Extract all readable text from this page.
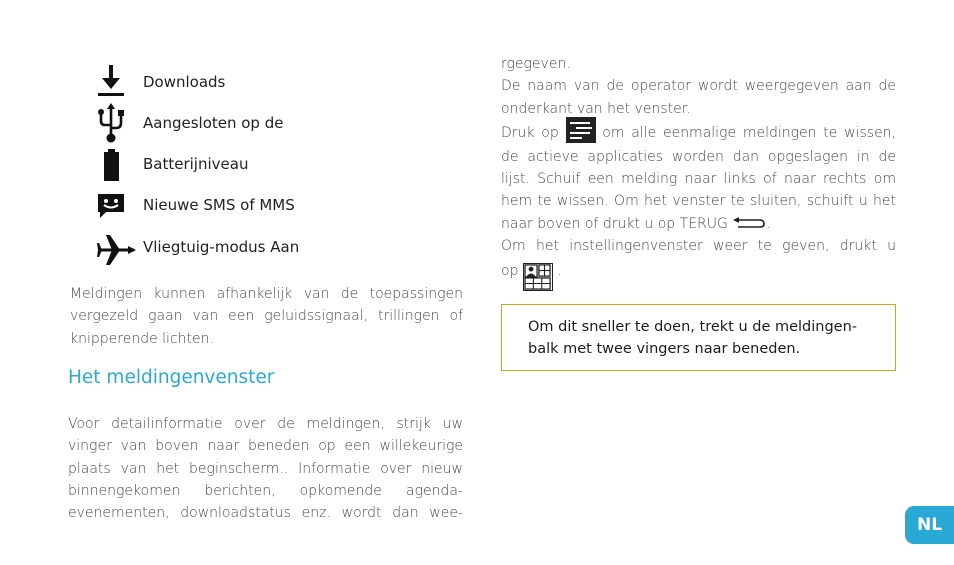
Downloads
Aangesloten op de
Batterijniveau
Nieuwe SMS of MMS
Vliegtuig-modus Aan
Meldingen kunnen afhankelijk van de toepassingen
vergezeld gaan van een geluidssignaal, trillingen of
knipperende lichten.
Het meldingenvenster
Voor detailinformatie over de meldingen, strijk uw
vinger van boven naar beneden op een willekeurige
plaats van het beginscherm.. Informatie over nieuw
binnengekomen berichten, opkomende agenda-
evenementen, downloadstatus enz. wordt dan wee-
rgegeven.
De naam van de operator wordt weergegeven aan de
onderkant van het venster.
Druk op	om alle eenmalige meldingen te wissen,
de actieve applicaties worden dan opgeslagen in de
lijst. Schuif een melding naar links of naar rechts om
hem te wissen. Om het venster te sluiten, schuift u het
naar boven of drukt u op TERUG	.
Om het instellingenvenster weer te geven, drukt u
op	.
Om dit sneller te doen, trekt u de meldingen-
balk met twee vingers naar beneden.
NL
